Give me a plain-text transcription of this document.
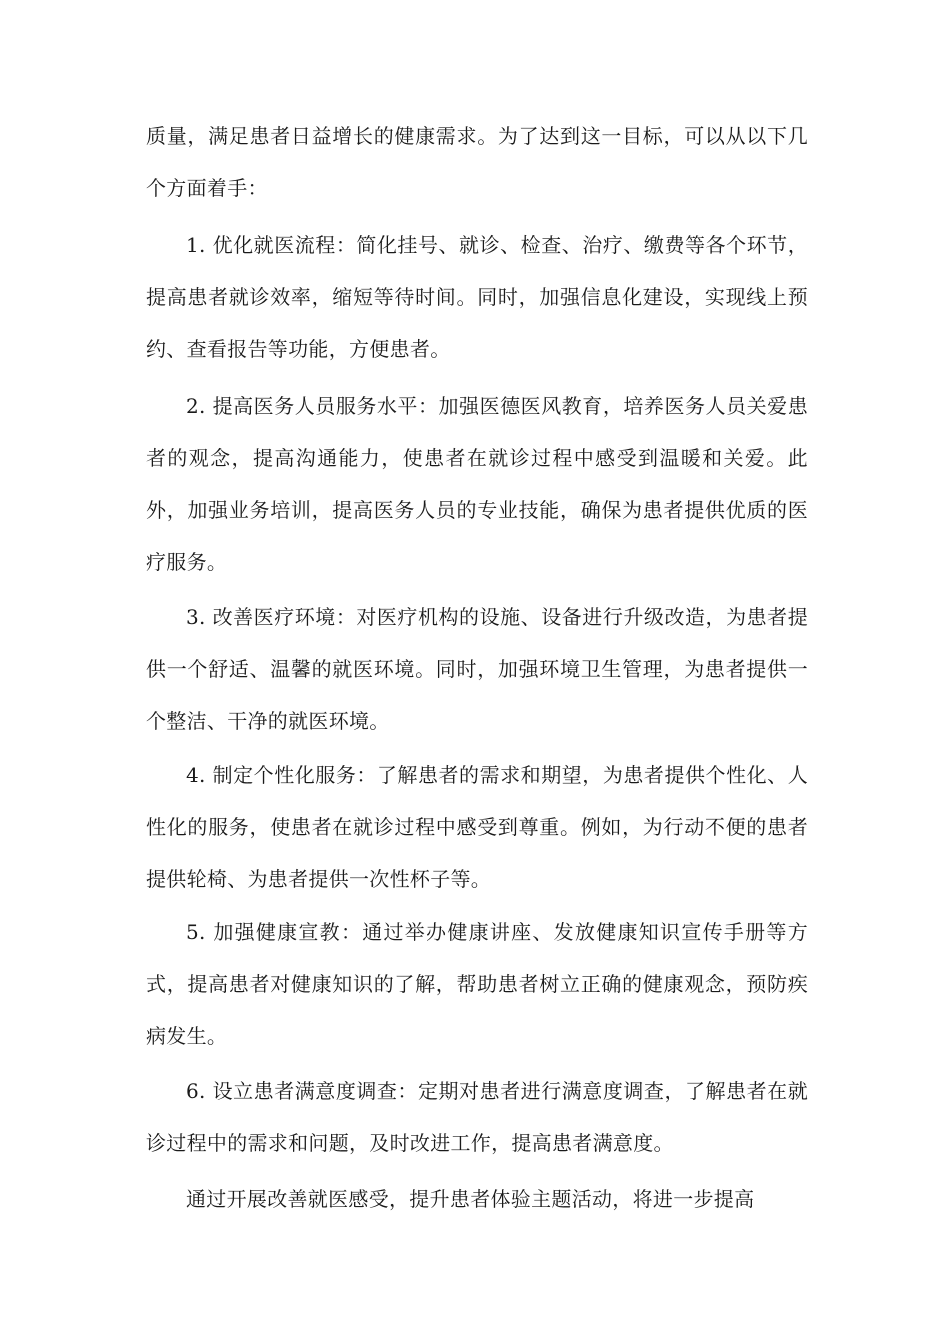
质量，满足患者日益增长的健康需求。为了达到这一目标，可以从以下几个方面着手：

1. 优化就医流程：简化挂号、就诊、检查、治疗、缴费等各个环节，提高患者就诊效率，缩短等待时间。同时，加强信息化建设，实现线上预约、查看报告等功能，方便患者。

2. 提高医务人员服务水平：加强医德医风教育，培养医务人员关爱患者的观念，提高沟通能力，使患者在就诊过程中感受到温暖和关爱。此外，加强业务培训，提高医务人员的专业技能，确保为患者提供优质的医疗服务。

3. 改善医疗环境：对医疗机构的设施、设备进行升级改造，为患者提供一个舒适、温馨的就医环境。同时，加强环境卫生管理，为患者提供一个整洁、干净的就医环境。

4. 制定个性化服务：了解患者的需求和期望，为患者提供个性化、人性化的服务，使患者在就诊过程中感受到尊重。例如，为行动不便的患者提供轮椅、为患者提供一次性杯子等。

5. 加强健康宣教：通过举办健康讲座、发放健康知识宣传手册等方式，提高患者对健康知识的了解，帮助患者树立正确的健康观念，预防疾病发生。

6. 设立患者满意度调查：定期对患者进行满意度调查，了解患者在就诊过程中的需求和问题，及时改进工作，提高患者满意度。

通过开展改善就医感受，提升患者体验主题活动，将进一步提高
